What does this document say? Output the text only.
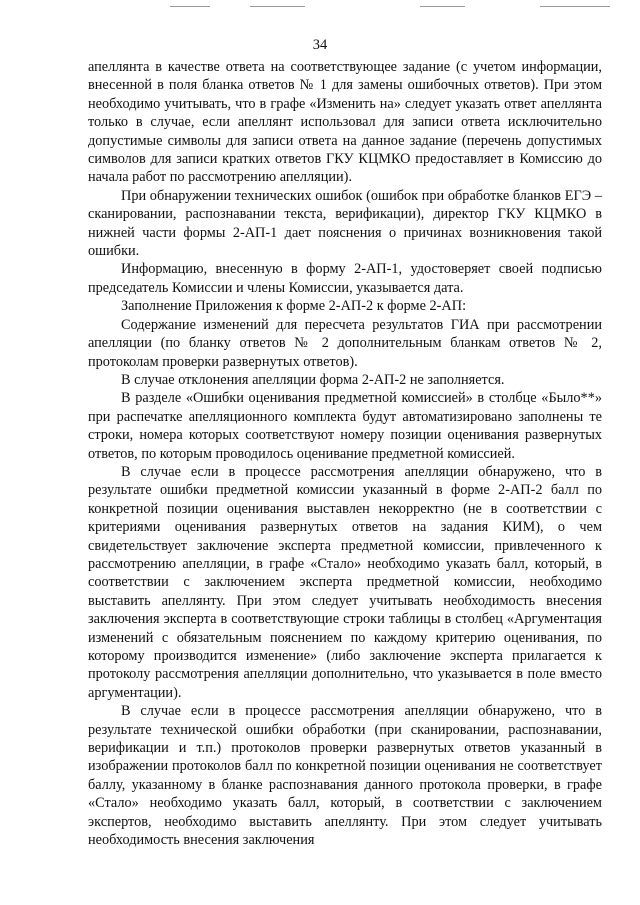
34

апеллянта в качестве ответа на соответствующее задание (с учетом информации, внесенной в поля бланка ответов № 1 для замены ошибочных ответов). При этом необходимо учитывать, что в графе «Изменить на» следует указать ответ апеллянта только в случае, если апеллянт использовал для записи ответа исключительно допустимые символы для записи ответа на данное задание (перечень допустимых символов для записи кратких ответов ГКУ КЦМКО предоставляет в Комиссию до начала работ по рассмотрению апелляции).

При обнаружении технических ошибок (ошибок при обработке бланков ЕГЭ – сканировании, распознавании текста, верификации), директор ГКУ КЦМКО в нижней части формы 2-АП-1 дает пояснения о причинах возникновения такой ошибки.

Информацию, внесенную в форму 2-АП-1, удостоверяет своей подписью председатель Комиссии и члены Комиссии, указывается дата.

Заполнение Приложения к форме 2-АП-2 к форме 2-АП:

Содержание изменений для пересчета результатов ГИА при рассмотрении апелляции (по бланку ответов № 2 дополнительным бланкам ответов № 2, протоколам проверки развернутых ответов).

В случае отклонения апелляции форма 2-АП-2 не заполняется.

В разделе «Ошибки оценивания предметной комиссией» в столбце «Было**» при распечатке апелляционного комплекта будут автоматизировано заполнены те строки, номера которых соответствуют номеру позиции оценивания развернутых ответов, по которым проводилось оценивание предметной комиссией.

В случае если в процессе рассмотрения апелляции обнаружено, что в результате ошибки предметной комиссии указанный в форме 2-АП-2 балл по конкретной позиции оценивания выставлен некорректно (не в соответствии с критериями оценивания развернутых ответов на задания КИМ), о чем свидетельствует заключение эксперта предметной комиссии, привлеченного к рассмотрению апелляции, в графе «Стало» необходимо указать балл, который, в соответствии с заключением эксперта предметной комиссии, необходимо выставить апеллянту. При этом следует учитывать необходимость внесения заключения эксперта в соответствующие строки таблицы в столбец «Аргументация изменений с обязательным пояснением по каждому критерию оценивания, по которому производится изменение» (либо заключение эксперта прилагается к протоколу рассмотрения апелляции дополнительно, что указывается в поле вместо аргументации).

В случае если в процессе рассмотрения апелляции обнаружено, что в результате технической ошибки обработки (при сканировании, распознавании, верификации и т.п.) протоколов проверки развернутых ответов указанный в изображении протоколов балл по конкретной позиции оценивания не соответствует баллу, указанному в бланке распознавания данного протокола проверки, в графе «Стало» необходимо указать балл, который, в соответствии с заключением экспертов, необходимо выставить апеллянту. При этом следует учитывать необходимость внесения заключения
